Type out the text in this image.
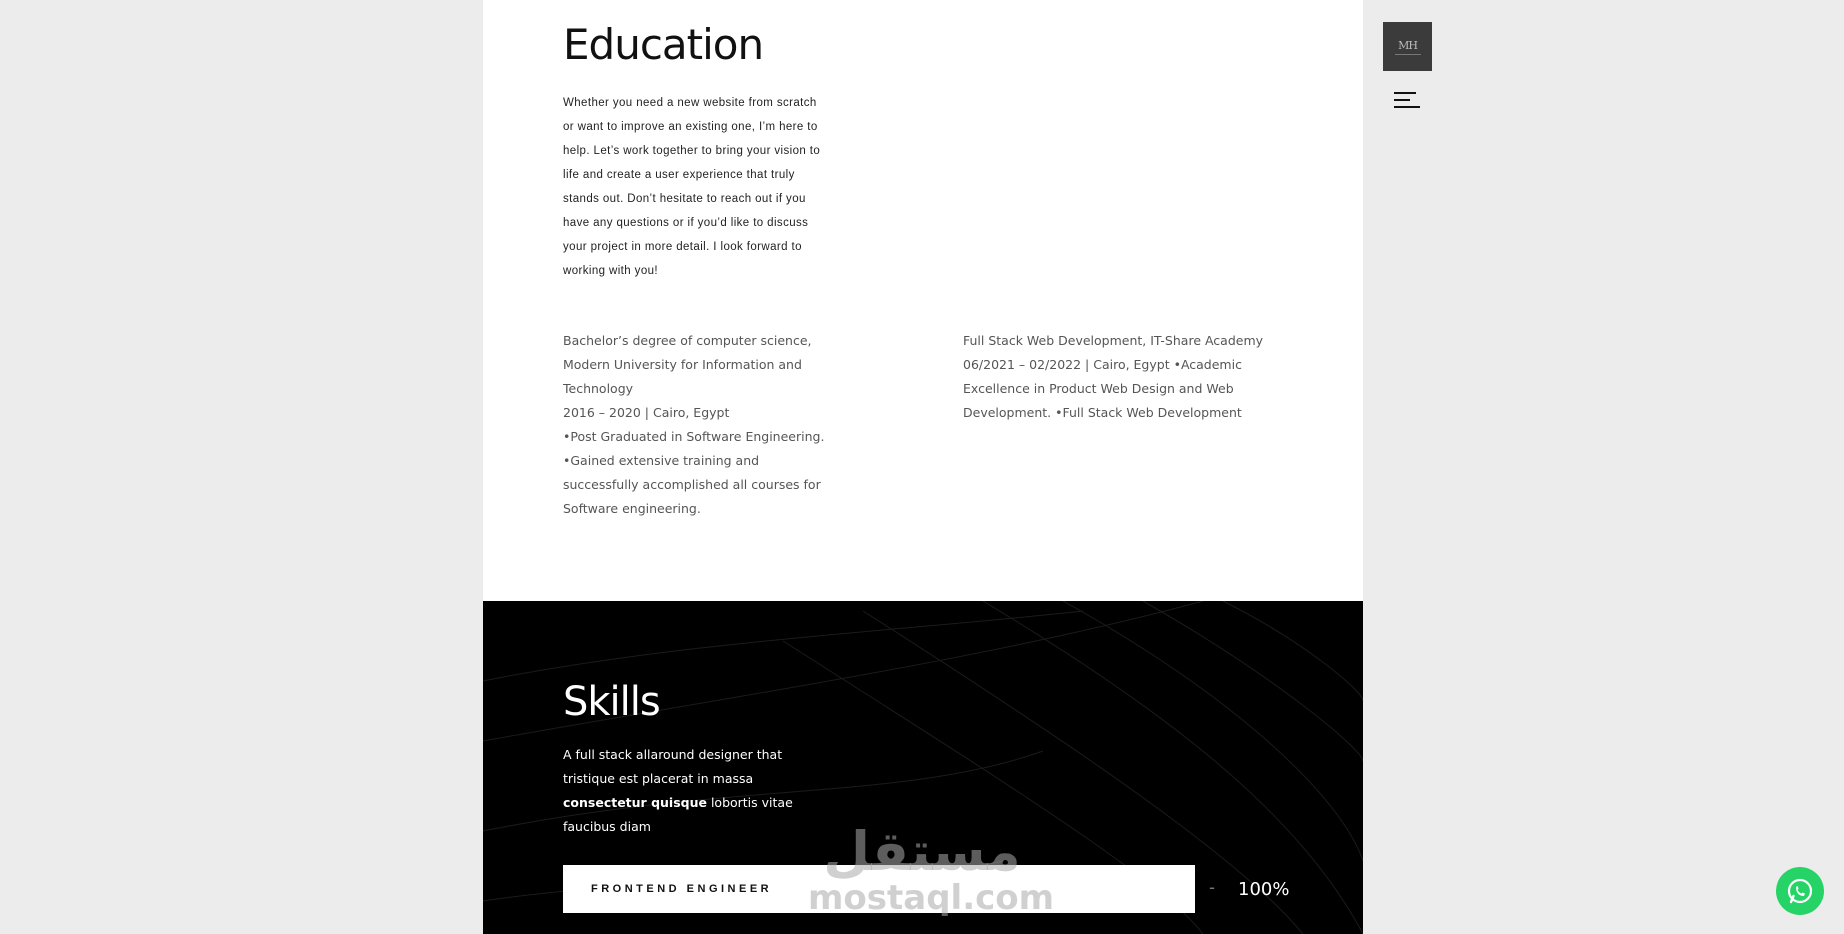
Education

Whether you need a new website from scratch or want to improve an existing one, I’m here to help. Let’s work together to bring your vision to life and create a user experience that truly stands out. Don’t hesitate to reach out if you have any questions or if you’d like to discuss your project in more detail. I look forward to working with you!

Bachelor’s degree of computer science, Modern University for Information and Technology

2016 – 2020 | Cairo, Egypt

•Post Graduated in Software Engineering.

•Gained extensive training and successfully accomplished all courses for Software engineering.

Full Stack Web Development, IT-Share Academy 06/2021 – 02/2022 | Cairo, Egypt •Academic Excellence in Product Web Design and Web Development. •Full Stack Web Development

Skills

A full stack allaround designer that tristique est placerat in massa consectetur quisque lobortis vitae faucibus diam

FRONTEND ENGINEER	- 100%
MH
مستقل
mostaql.com
